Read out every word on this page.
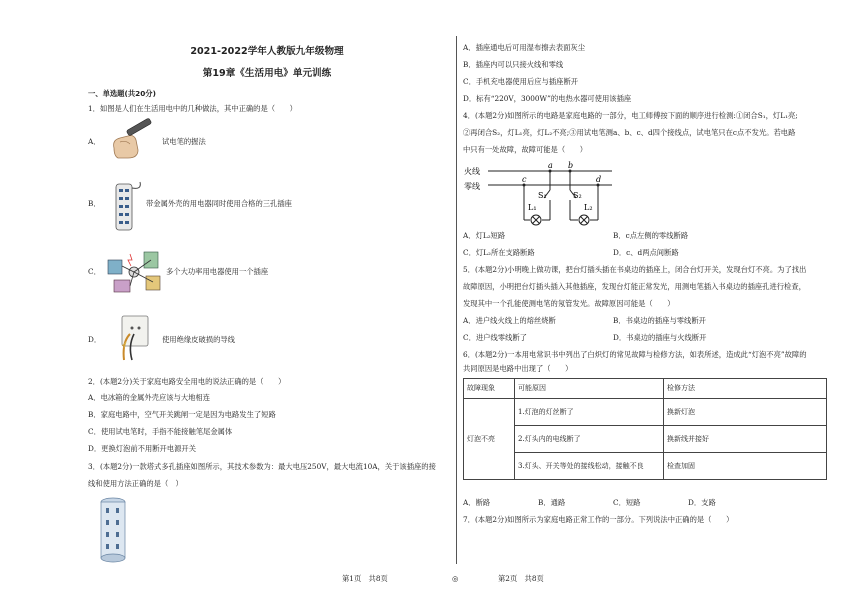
2021-2022学年人教版九年级物理
第19章《生活用电》单元训练
一、单选题(共20分)
1．如图是人们在生活用电中的几种做法，其中正确的是（　　）
A．	试电笔的握法
B．	带金属外壳的用电器同时使用合格的三孔插座
C．	多个大功率用电器使用一个插座
D．	使用绝缘皮破损的导线
2．(本题2分)关于家庭电路安全用电的说法正确的是（　　）
A．电冰箱的金属外壳应该与大地相连
B．家庭电路中，空气开关跳闸一定是因为电路发生了短路
C．使用试电笔时，手指不能接触笔尾金属体
D．更换灯泡前不用断开电源开关
3．(本题2分)一款塔式多孔插座如图所示，其技术参数为：最大电压250V，最大电流10A，关于该插座的接
线和使用方法正确的是（　）
A．插座通电后可用湿布擦去表面灰尘
B．插座内可以只接火线和零线
C．手机充电器使用后应与插座断开
D．标有“220V，3000W”的电热水器可使用该插座
4．(本题2分)如图所示的电路是家庭电路的一部分，电工师傅按下面的顺序进行检测:①闭合S₁，灯L₁亮;
②再闭合S₂，灯L₁亮，灯L₂不亮;③用试电笔测a、b、c、d四个接线点，试电笔只在c点不发光。若电路
中只有一处故障，故障可能是（　　）
火线
零线
a b
c	d
S₁
L₁
S₂
L₂
A．灯L₂短路	B．c点左侧的零线断路
C．灯L₂所在支路断路	D．c、d两点间断路
5．(本题2分)小明晚上做功课，把台灯插头插在书桌边的插座上，闭合台灯开关，发现台灯不亮。为了找出
故障原因，小明把台灯插头插入其他插座，发现台灯能正常发光，用测电笔插入书桌边的插座孔进行检查，
发现其中一个孔能使测电笔的氖管发光。故障原因可能是（　　）
A．进户线火线上的熔丝烧断	B．书桌边的插座与零线断开
C．进户线零线断了	D．书桌边的插座与火线断开
6．(本题2分)一本用电常识书中列出了白炽灯的常见故障与检修方法，如表所述，造成此“灯泡不亮”故障的
共同原因是电路中出现了（　　）
故障现象	可能原因	检修方法
灯泡不亮	1.灯泡的灯丝断了	换新灯泡
	2.灯头内的电线断了	换新线并接好
	3.灯头、开关等处的接线松动，接触不良	检查加固
A．断路	B．通路	C．短路	D．支路
7．(本题2分)如图所示为家庭电路正常工作的一部分。下列说法中正确的是（　　）
第1页　共8页	◎	第2页　共8页
